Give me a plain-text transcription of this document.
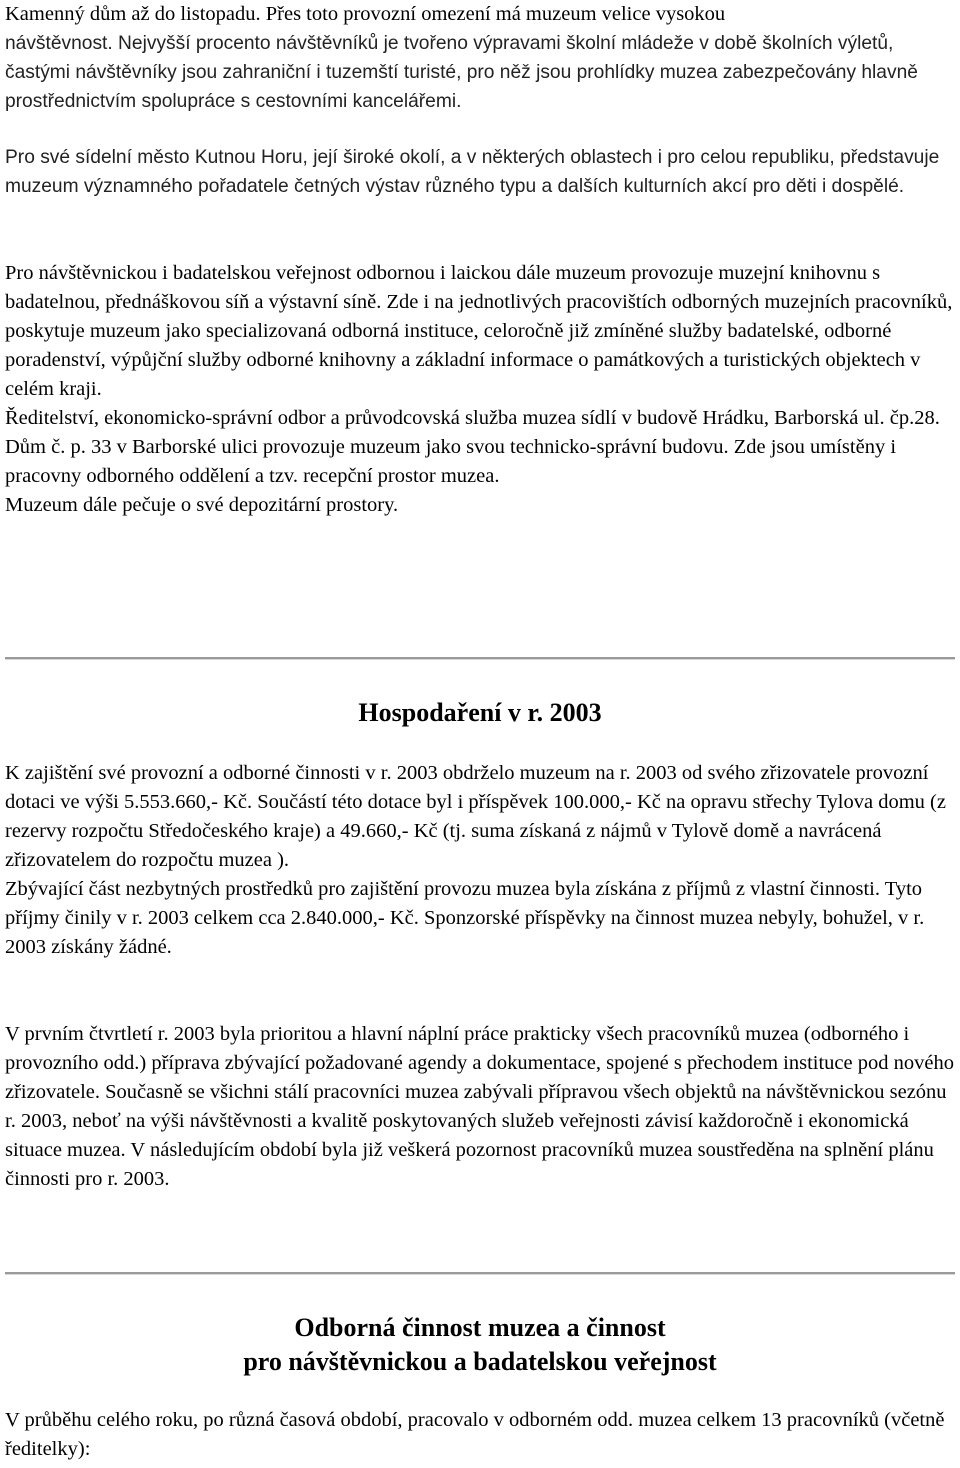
Kamenný dům až do listopadu. Přes toto provozní omezení má muzeum velice vysokou

návštěvnost. Nejvyšší procento návštěvníků je tvořeno výpravami školní mládeže v době školních výletů, častými návštěvníky jsou zahraniční i tuzemští turisté, pro něž jsou prohlídky muzea zabezpečovány hlavně prostřednictvím spolupráce s cestovními kancelářemi.

Pro své sídelní město Kutnou Horu, její široké okolí, a v některých oblastech i pro celou republiku, představuje muzeum významného pořadatele četných výstav různého typu a dalších kulturních akcí pro děti i dospělé.

Pro návštěvnickou i badatelskou veřejnost odbornou i laickou dále muzeum provozuje muzejní knihovnu s badatelnou, přednáškovou síň a výstavní síně. Zde i na jednotlivých pracovištích odborných muzejních pracovníků, poskytuje muzeum jako specializovaná odborná instituce, celoročně již zmíněné služby badatelské, odborné poradenství, výpůjční služby odborné knihovny a základní informace o památkových a turistických objektech v celém kraji.

Ředitelství, ekonomicko-správní odbor a průvodcovská služba muzea sídlí v budově Hrádku, Barborská ul. čp.28.

Dům č. p. 33 v Barborské ulici provozuje muzeum jako svou technicko-správní budovu. Zde jsou umístěny i pracovny odborného oddělení a tzv. recepční prostor muzea.

Muzeum dále pečuje o své depozitární prostory.

Hospodaření v r. 2003

K zajištění své provozní a odborné činnosti v r. 2003 obdrželo muzeum na r. 2003 od svého zřizovatele provozní dotaci ve výši 5.553.660,- Kč. Součástí této dotace byl i příspěvek 100.000,- Kč na opravu střechy Tylova domu (z rezervy rozpočtu Středočeského kraje) a 49.660,- Kč (tj. suma získaná z nájmů v Tylově domě a navrácená zřizovatelem do rozpočtu muzea ).

Zbývající část nezbytných prostředků pro zajištění provozu muzea byla získána z příjmů z vlastní činnosti. Tyto příjmy činily v r. 2003 celkem cca 2.840.000,- Kč. Sponzorské příspěvky na činnost muzea nebyly, bohužel, v r. 2003 získány žádné.

V prvním čtvrtletí r. 2003 byla prioritou a hlavní náplní práce prakticky všech pracovníků muzea (odborného i provozního odd.) příprava zbývající požadované agendy a dokumentace, spojené s přechodem instituce pod nového zřizovatele. Současně se všichni stálí pracovníci muzea zabývali přípravou všech objektů na návštěvnickou sezónu r. 2003, neboť na výši návštěvnosti a kvalitě poskytovaných služeb veřejnosti závisí každoročně i ekonomická situace muzea. V následujícím období byla již veškerá pozornost pracovníků muzea soustředěna na splnění plánu činnosti pro r. 2003.

Odborná činnost muzea a činnost
pro návštěvnickou a badatelskou veřejnost

V průběhu celého roku, po různá časová období, pracovalo v odborném odd. muzea celkem 13 pracovníků (včetně ředitelky):
